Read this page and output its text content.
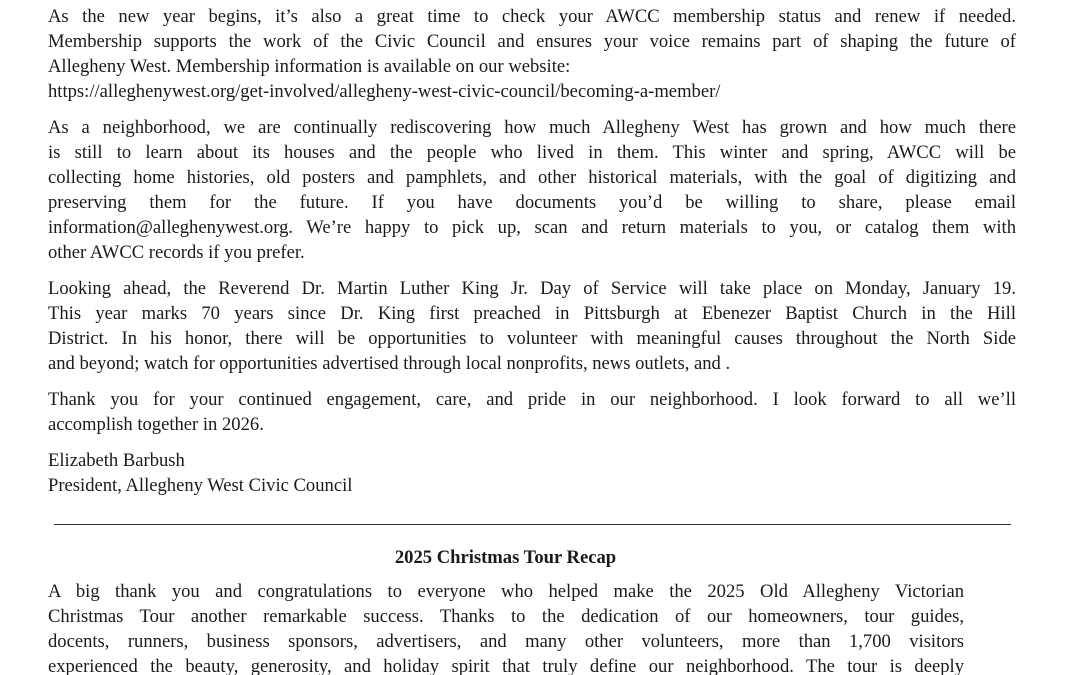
As the new year begins, it’s also a great time to check your AWCC membership status and renew if needed.
Membership supports the work of the Civic Council and ensures your voice remains part of shaping the future of
Allegheny West. Membership information is available on our website:
https://alleghenywest.org/get-involved/allegheny-west-civic-council/becoming-a-member/
As a neighborhood, we are continually rediscovering how much Allegheny West has grown and how much there
is still to learn about its houses and the people who lived in them. This winter and spring, AWCC will be
collecting home histories, old posters and pamphlets, and other historical materials, with the goal of digitizing and
preserving them for the future. If you have documents you’d be willing to share, please email
information@alleghenywest.org. We’re happy to pick up, scan and return materials to you, or catalog them with
other AWCC records if you prefer.
Looking ahead, the Reverend Dr. Martin Luther King Jr. Day of Service will take place on Monday, January 19.
This year marks 70 years since Dr. King first preached in Pittsburgh at Ebenezer Baptist Church in the Hill
District. In his honor, there will be opportunities to volunteer with meaningful causes throughout the North Side
and beyond; watch for opportunities advertised through local nonprofits, news outlets, and .
Thank you for your continued engagement, care, and pride in our neighborhood. I look forward to all we’ll
accomplish together in 2026.
Elizabeth Barbush
President, Allegheny West Civic Council
2025 Christmas Tour Recap
A big thank you and congratulations to everyone who helped make the 2025 Old Allegheny Victorian
Christmas Tour another remarkable success. Thanks to the dedication of our homeowners, tour guides,
docents, runners, business sponsors, advertisers, and many other volunteers, more than 1,700 visitors
experienced the beauty, generosity, and holiday spirit that truly define our neighborhood. The tour is deeply
